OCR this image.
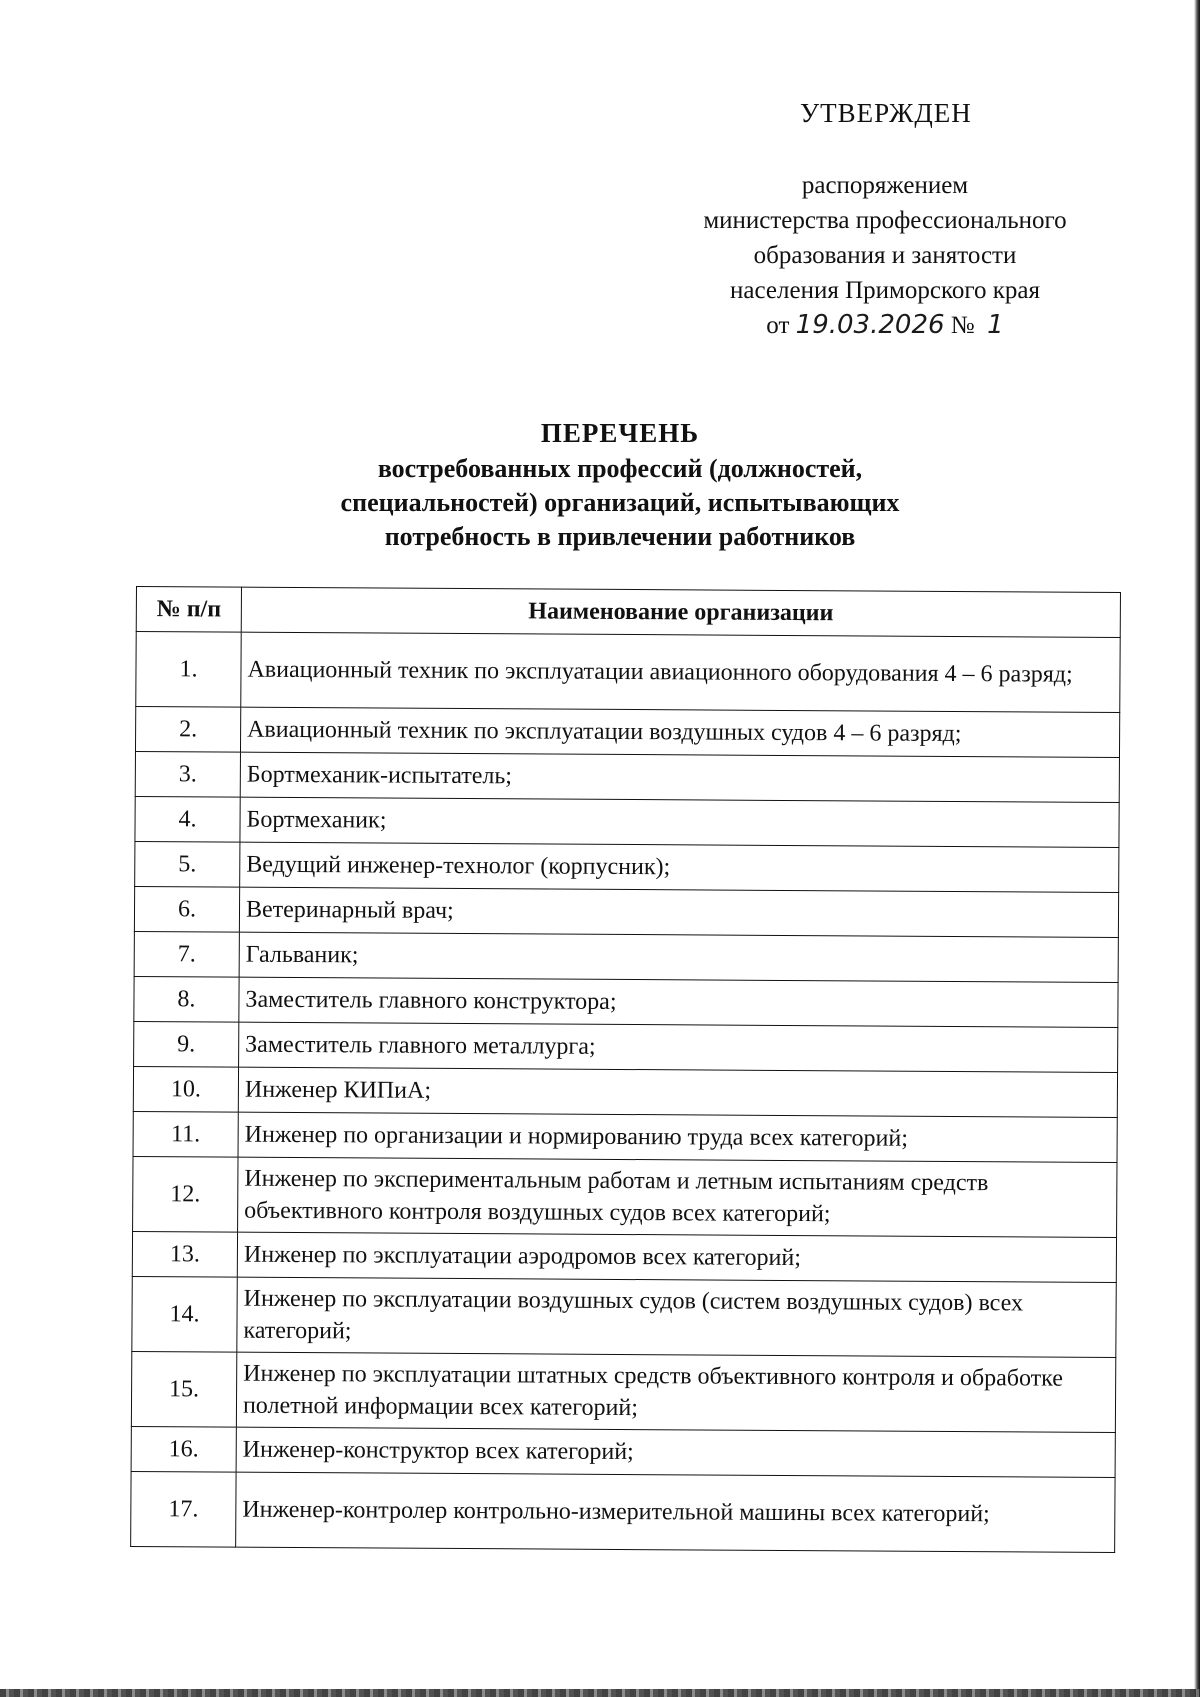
УТВЕРЖДЕН
распоряжением
министерства профессионального
образования и занятости
населения Приморского края
от 19.03.2026 № 1
ПЕРЕЧЕНЬ
востребованных профессий (должностей,
специальностей) организаций, испытывающих
потребность в привлечении работников
№ п/п	Наименование организации
1.	Авиационный техник по эксплуатации авиационного оборудования 4 – 6 разряд;
2.	Авиационный техник по эксплуатации воздушных судов 4 – 6 разряд;
3.	Бортмеханик-испытатель;
4.	Бортмеханик;
5.	Ведущий инженер-технолог (корпусник);
6.	Ветеринарный врач;
7.	Гальваник;
8.	Заместитель главного конструктора;
9.	Заместитель главного металлурга;
10.	Инженер КИПиА;
11.	Инженер по организации и нормированию труда всех категорий;
12.	Инженер по экспериментальным работам и летным испытаниям средств объективного контроля воздушных судов всех категорий;
13.	Инженер по эксплуатации аэродромов всех категорий;
14.	Инженер по эксплуатации воздушных судов (систем воздушных судов) всех категорий;
15.	Инженер по эксплуатации штатных средств объективного контроля и обработке полетной информации всех категорий;
16.	Инженер-конструктор всех категорий;
17.	Инженер-контролер контрольно-измерительной машины всех категорий;
